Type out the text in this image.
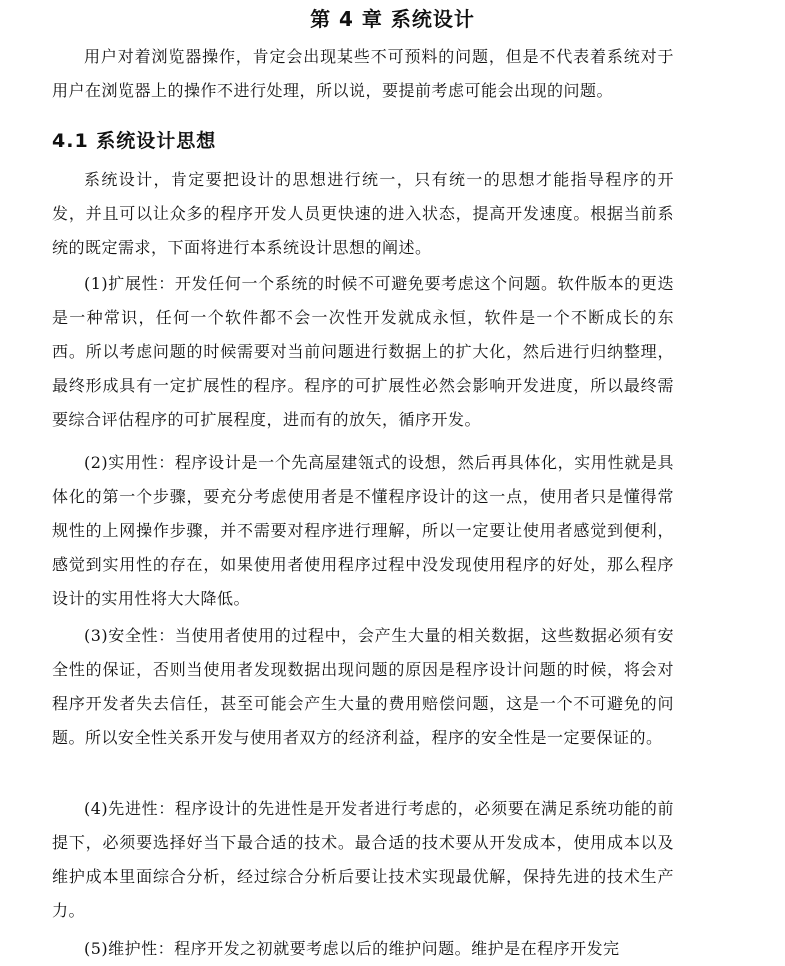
第 4 章 系统设计

用户对着浏览器操作，肯定会出现某些不可预料的问题，但是不代表着系统对于用户在浏览器上的操作不进行处理，所以说，要提前考虑可能会出现的问题。

4.1 系统设计思想

系统设计，肯定要把设计的思想进行统一，只有统一的思想才能指导程序的开发，并且可以让众多的程序开发人员更快速的进入状态，提高开发速度。根据当前系统的既定需求，下面将进行本系统设计思想的阐述。

(1)扩展性：开发任何一个系统的时候不可避免要考虑这个问题。软件版本的更迭是一种常识，任何一个软件都不会一次性开发就成永恒，软件是一个不断成长的东西。所以考虑问题的时候需要对当前问题进行数据上的扩大化，然后进行归纳整理，最终形成具有一定扩展性的程序。程序的可扩展性必然会影响开发进度，所以最终需要综合评估程序的可扩展程度，进而有的放矢，循序开发。

(2)实用性：程序设计是一个先高屋建瓴式的设想，然后再具体化，实用性就是具体化的第一个步骤，要充分考虑使用者是不懂程序设计的这一点，使用者只是懂得常规性的上网操作步骤，并不需要对程序进行理解，所以一定要让使用者感觉到便利，感觉到实用性的存在，如果使用者使用程序过程中没发现使用程序的好处，那么程序设计的实用性将大大降低。

(3)安全性：当使用者使用的过程中，会产生大量的相关数据，这些数据必须有安全性的保证，否则当使用者发现数据出现问题的原因是程序设计问题的时候，将会对程序开发者失去信任，甚至可能会产生大量的费用赔偿问题，这是一个不可避免的问题。所以安全性关系开发与使用者双方的经济利益，程序的安全性是一定要保证的。

(4)先进性：程序设计的先进性是开发者进行考虑的，必须要在满足系统功能的前提下，必须要选择好当下最合适的技术。最合适的技术要从开发成本，使用成本以及维护成本里面综合分析，经过综合分析后要让技术实现最优解，保持先进的技术生产力。

(5)维护性：程序开发之初就要考虑以后的维护问题。维护是在程序开发完
